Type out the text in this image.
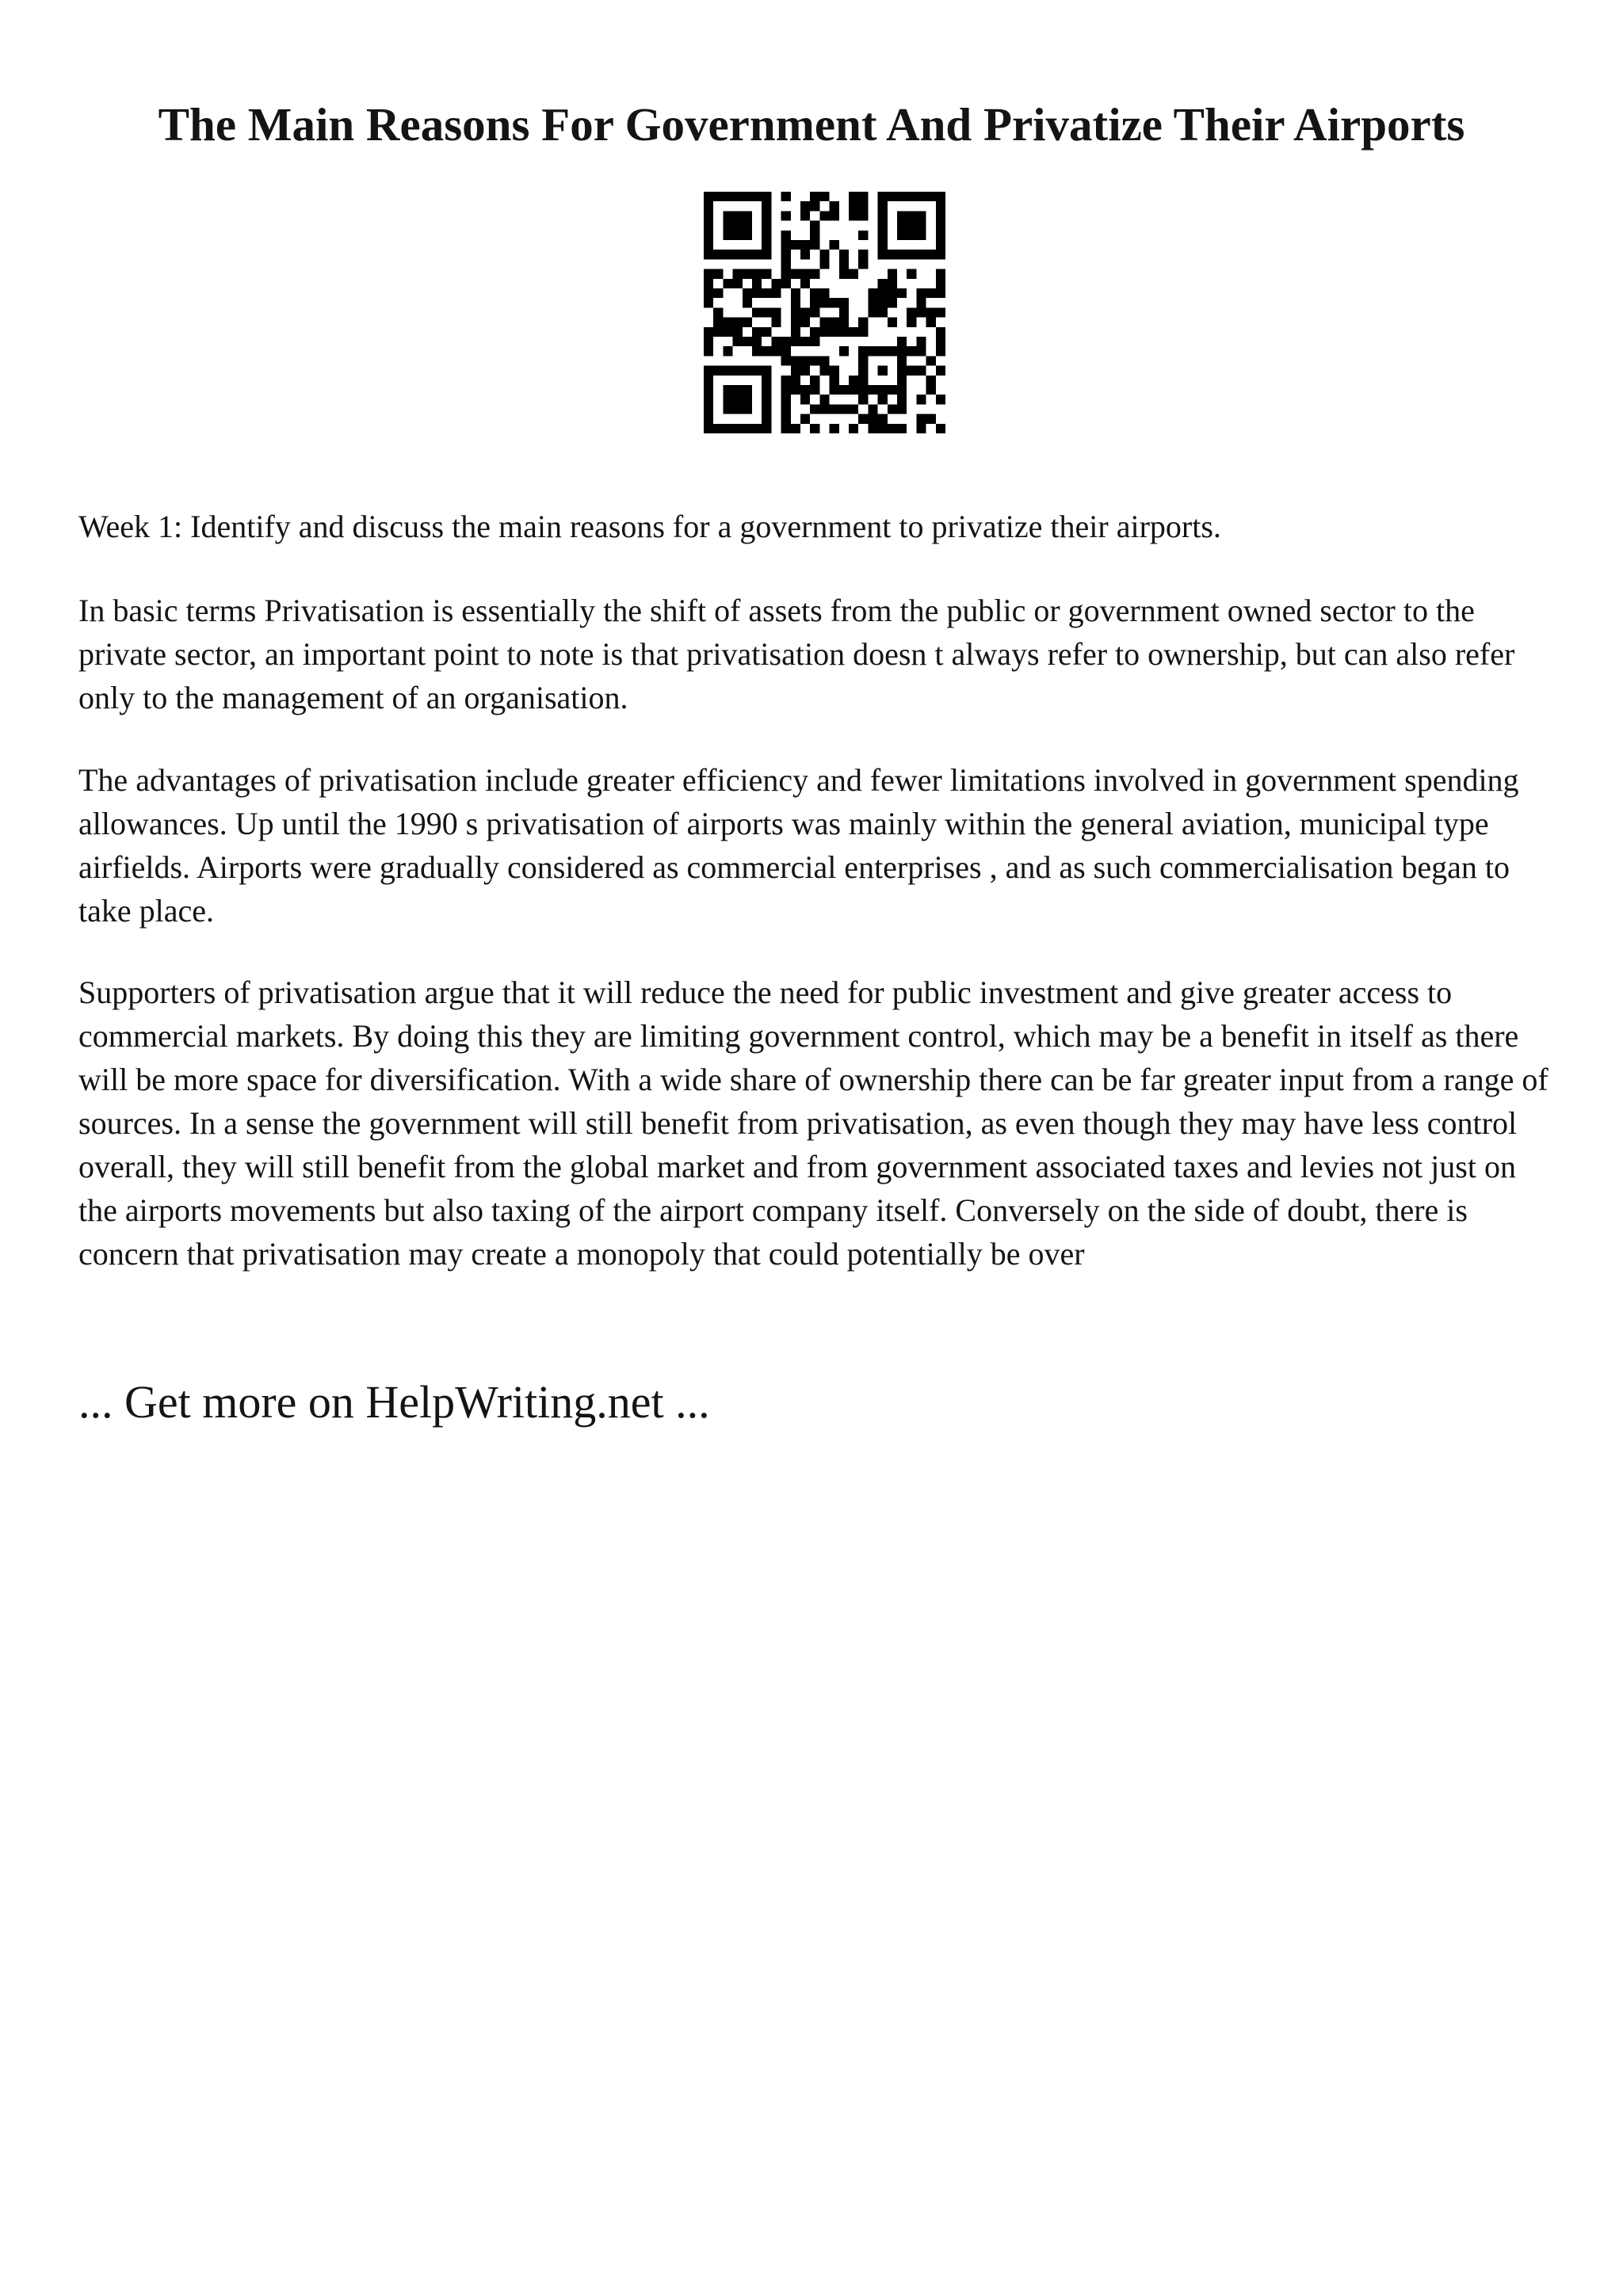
The Main Reasons For Government And Privatize Their Airports

Week 1: Identify and discuss the main reasons for a government to privatize their airports.

In basic terms Privatisation is essentially the shift of assets from the public or government owned sector to the private sector, an important point to note is that privatisation doesn t always refer to ownership, but can also refer only to the management of an organisation.

The advantages of privatisation include greater efficiency and fewer limitations involved in government spending allowances. Up until the 1990 s privatisation of airports was mainly within the general aviation, municipal type airfields. Airports were gradually considered as commercial enterprises , and as such commercialisation began to take place.

Supporters of privatisation argue that it will reduce the need for public investment and give greater access to commercial markets. By doing this they are limiting government control, which may be a benefit in itself as there will be more space for diversification. With a wide share of ownership there can be far greater input from a range of sources. In a sense the government will still benefit from privatisation, as even though they may have less control overall, they will still benefit from the global market and from government associated taxes and levies not just on the airports movements but also taxing of the airport company itself. Conversely on the side of doubt, there is concern that privatisation may create a monopoly that could potentially be over

... Get more on HelpWriting.net ...
